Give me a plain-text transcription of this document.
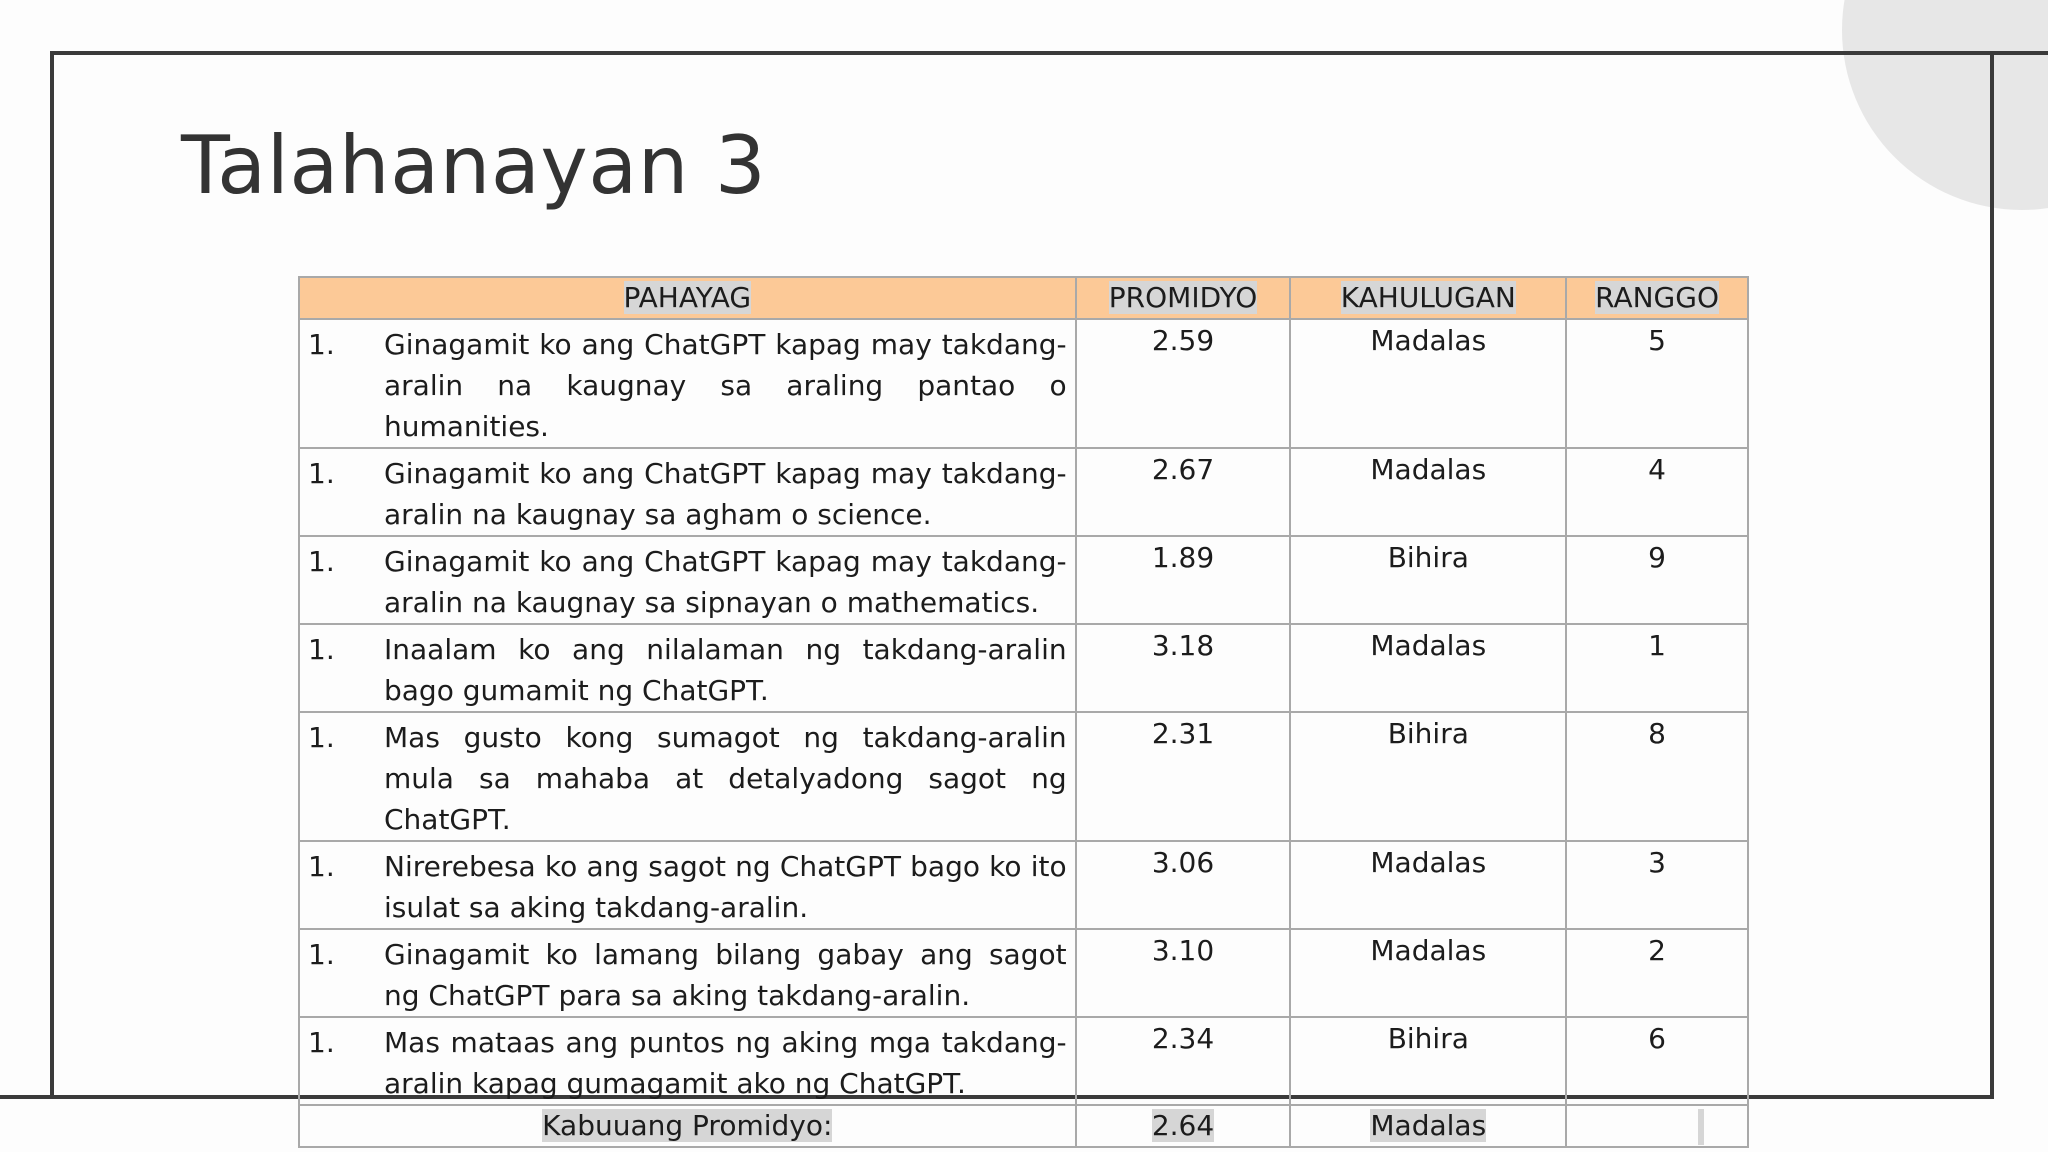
Talahanayan 3
PAHAYAG	PROMIDYO	KAHULUGAN	RANGGO

1. Ginagamit ko ang ChatGPT kapag may takdang-aralin na kaugnay sa araling pantao o humanities.	2.59	Madalas	5

1. Ginagamit ko ang ChatGPT kapag may takdang-aralin na kaugnay sa agham o science.	2.67	Madalas	4

1. Ginagamit ko ang ChatGPT kapag may takdang-aralin na kaugnay sa sipnayan o mathematics.	1.89	Bihira	9

1. Inaalam ko ang nilalaman ng takdang-aralin bago gumamit ng ChatGPT.	3.18	Madalas	1

1. Mas gusto kong sumagot ng takdang-aralin mula sa mahaba at detalyadong sagot ng ChatGPT.	2.31	Bihira	8

1. Nirerebesa ko ang sagot ng ChatGPT bago ko ito isulat sa aking takdang-aralin.	3.06	Madalas	3

1. Ginagamit ko lamang bilang gabay ang sagot ng ChatGPT para sa aking takdang-aralin.	3.10	Madalas	2

1. Mas mataas ang puntos ng aking mga takdang-aralin kapag gumagamit ako ng ChatGPT.	2.34	Bihira	6
Kabuuang Promidyo:	2.64	Madalas	
